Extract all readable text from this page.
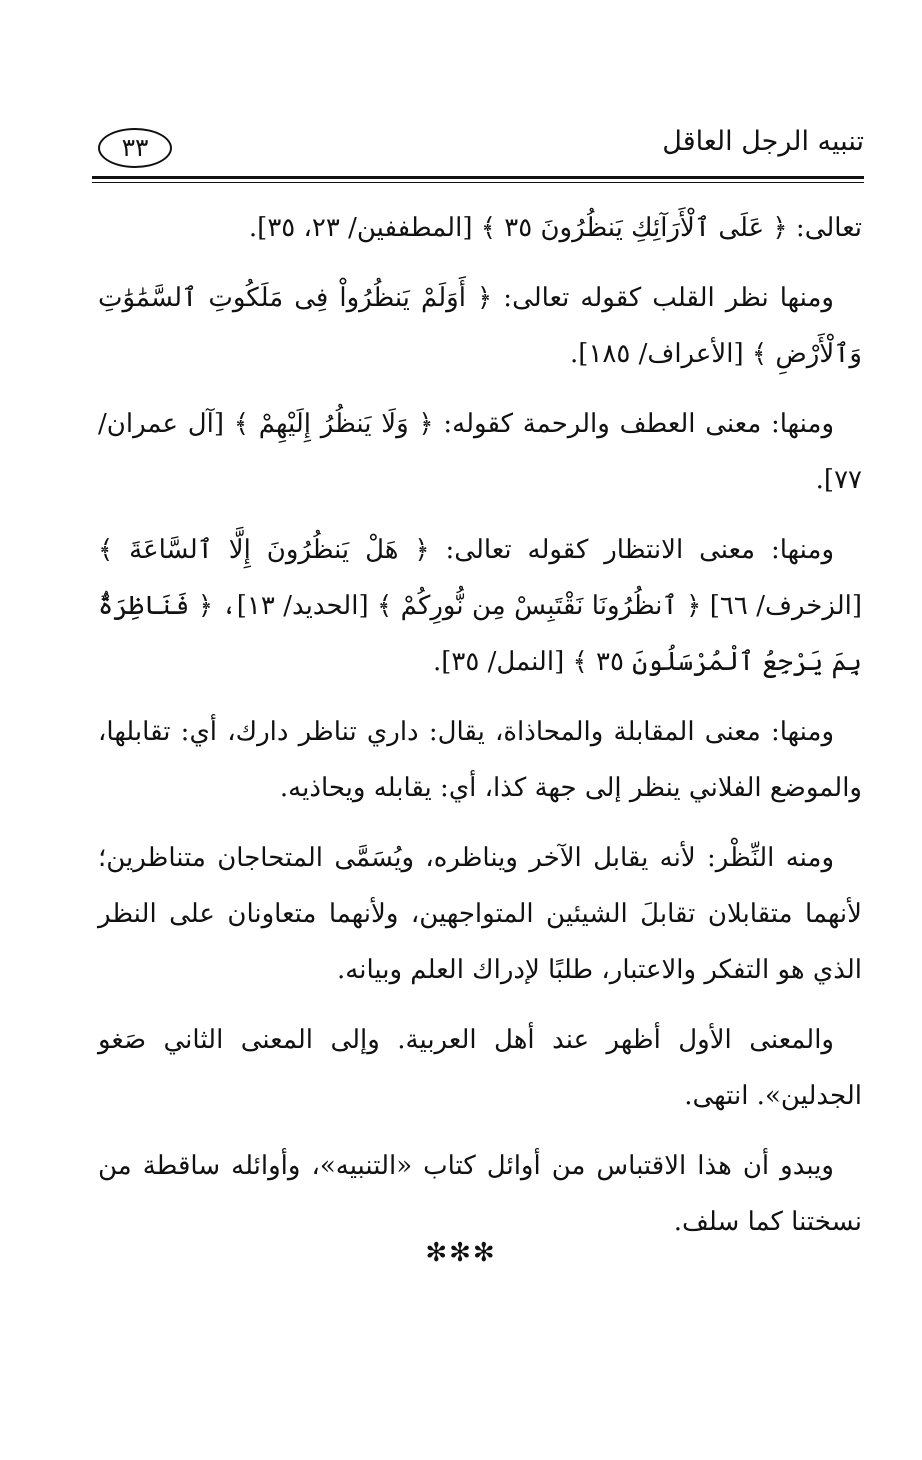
تنبيه الرجل العاقل
٣٣

تعالى: ﴿ عَلَى ٱلْأَرَآئِكِ يَنظُرُونَ ٣٥ ﴾ [المطففين/ ٢٣، ٣٥].

ومنها نظر القلب كقوله تعالى: ﴿ أَوَلَمْ يَنظُرُواْ فِى مَلَكُوتِ ٱلسَّمَٰوَٰتِ وَٱلْأَرْضِ ﴾ [الأعراف/ ١٨٥].

ومنها: معنى العطف والرحمة كقوله: ﴿ وَلَا يَنظُرُ إِلَيْهِمْ ﴾ [آل عمران/ ٧٧].

ومنها: معنى الانتظار كقوله تعالى: ﴿ هَلْ يَنظُرُونَ إِلَّا ٱلسَّاعَةَ ﴾ [الزخرف/ ٦٦] ﴿ ٱنظُرُونَا نَقْتَبِسْ مِن نُّورِكُمْ ﴾ [الحديد/ ١٣]، ﴿ فَنَاظِرَةٌۢ بِمَ يَرْجِعُ ٱلْمُرْسَلُونَ ٣٥ ﴾ [النمل/ ٣٥].

ومنها: معنى المقابلة والمحاذاة، يقال: داري تناظر دارك، أي: تقابلها، والموضع الفلاني ينظر إلى جهة كذا، أي: يقابله ويحاذيه.

ومنه النِّظْر: لأنه يقابل الآخر ويناظره، ويُسَمَّى المتحاجان متناظرين؛ لأنهما متقابلان تقابلَ الشيئين المتواجهين، ولأنهما متعاونان على النظر الذي هو التفكر والاعتبار، طلبًا لإدراك العلم وبيانه.

والمعنى الأول أظهر عند أهل العربية. وإلى المعنى الثاني صَغو الجدلين». انتهى.

ويبدو أن هذا الاقتباس من أوائل كتاب «التنبيه»، وأوائله ساقطة من نسختنا كما سلف.

✻✻✻
